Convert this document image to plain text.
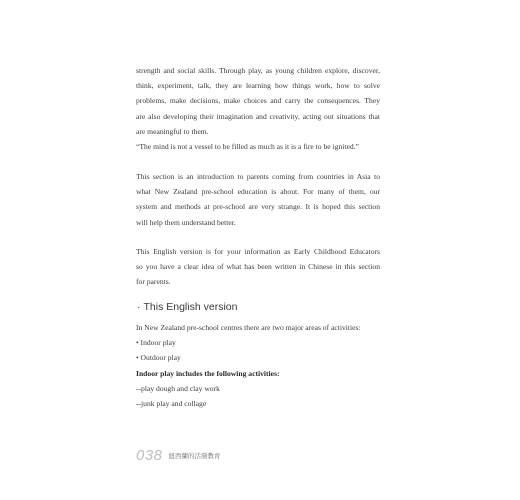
strength and social skills. Through play, as young children explore, discover,
think, experiment, talk, they are learning how things work, how to solve
problems, make decisions, make choices and carry the consequences. They
are also developing their imagination and creativity, acting out situations that
are meaningful to them.
“The mind is not a vessel to be filled as much as it is a fire to be ignited.”
This section is an introduction to parents coming from countries in Asia to
what New Zealand pre-school education is about. For many of them, our
system and methods at pre-school are very strange. It is hoped this section
will help them understand better.
This English version is for your information as Early Childhood Educators
so you have a clear idea of what has been written in Chinese in this section
for parents.
· This English version
In New Zealand pre-school centres there are two major areas of activities:
• Indoor play
• Outdoor play
Indoor play includes the following activities:
--play dough and clay work
--junk play and collage
038 紐西蘭的活潑教育
